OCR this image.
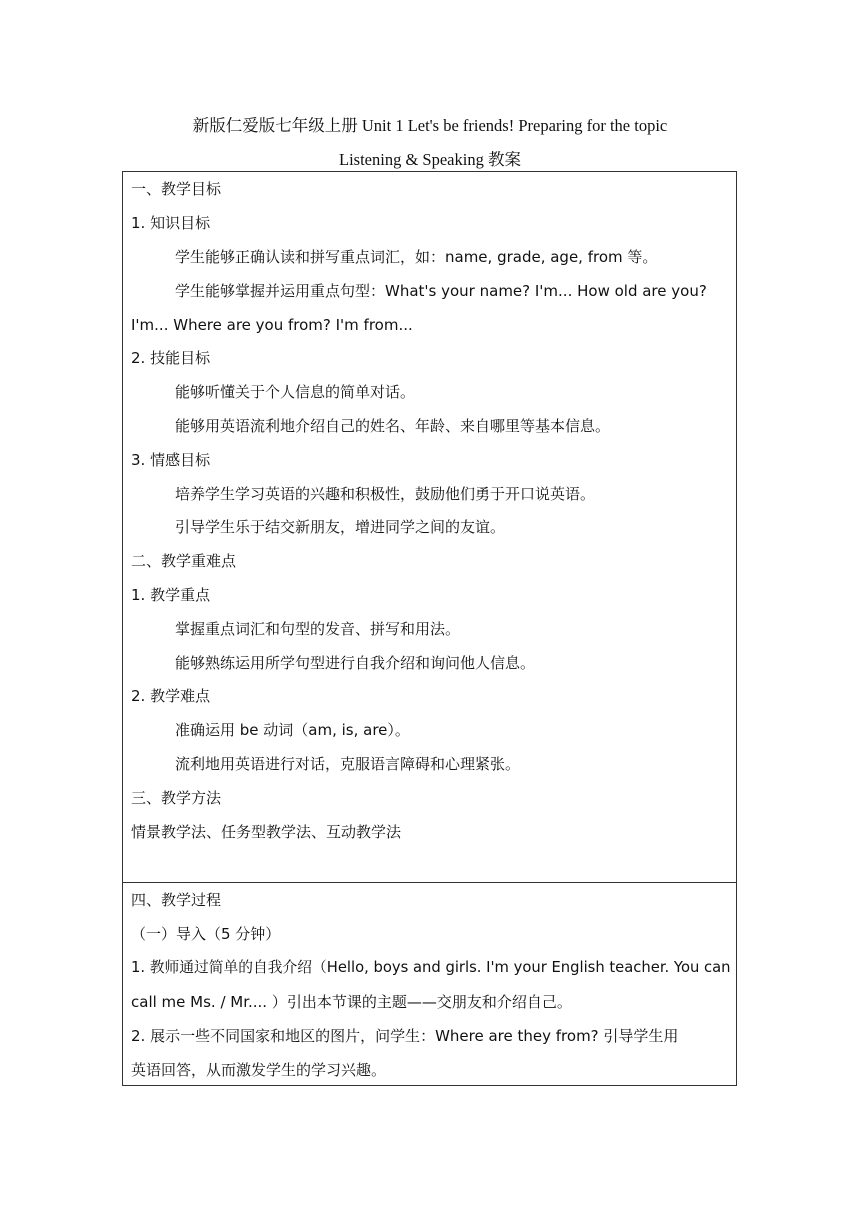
新版仁爱版七年级上册 Unit 1 Let's be friends! Preparing for the topic
Listening & Speaking 教案
一、教学目标
1. 知识目标
学生能够正确认读和拼写重点词汇，如：name, grade, age, from 等。
学生能够掌握并运用重点句型：What's your name? I'm... How old are you?
I'm... Where are you from? I'm from...
2. 技能目标
能够听懂关于个人信息的简单对话。
能够用英语流利地介绍自己的姓名、年龄、来自哪里等基本信息。
3. 情感目标
培养学生学习英语的兴趣和积极性，鼓励他们勇于开口说英语。
引导学生乐于结交新朋友，增进同学之间的友谊。
二、教学重难点
1. 教学重点
掌握重点词汇和句型的发音、拼写和用法。
能够熟练运用所学句型进行自我介绍和询问他人信息。
2. 教学难点
准确运用 be 动词（am, is, are）。
流利地用英语进行对话，克服语言障碍和心理紧张。
三、教学方法
情景教学法、任务型教学法、互动教学法
四、教学过程
（一）导入（5 分钟）
1. 教师通过简单的自我介绍（Hello, boys and girls. I'm your English teacher. You can
call me Ms. / Mr.... ）引出本节课的主题——交朋友和介绍自己。
2. 展示一些不同国家和地区的图片，问学生：Where are they from? 引导学生用
英语回答，从而激发学生的学习兴趣。
